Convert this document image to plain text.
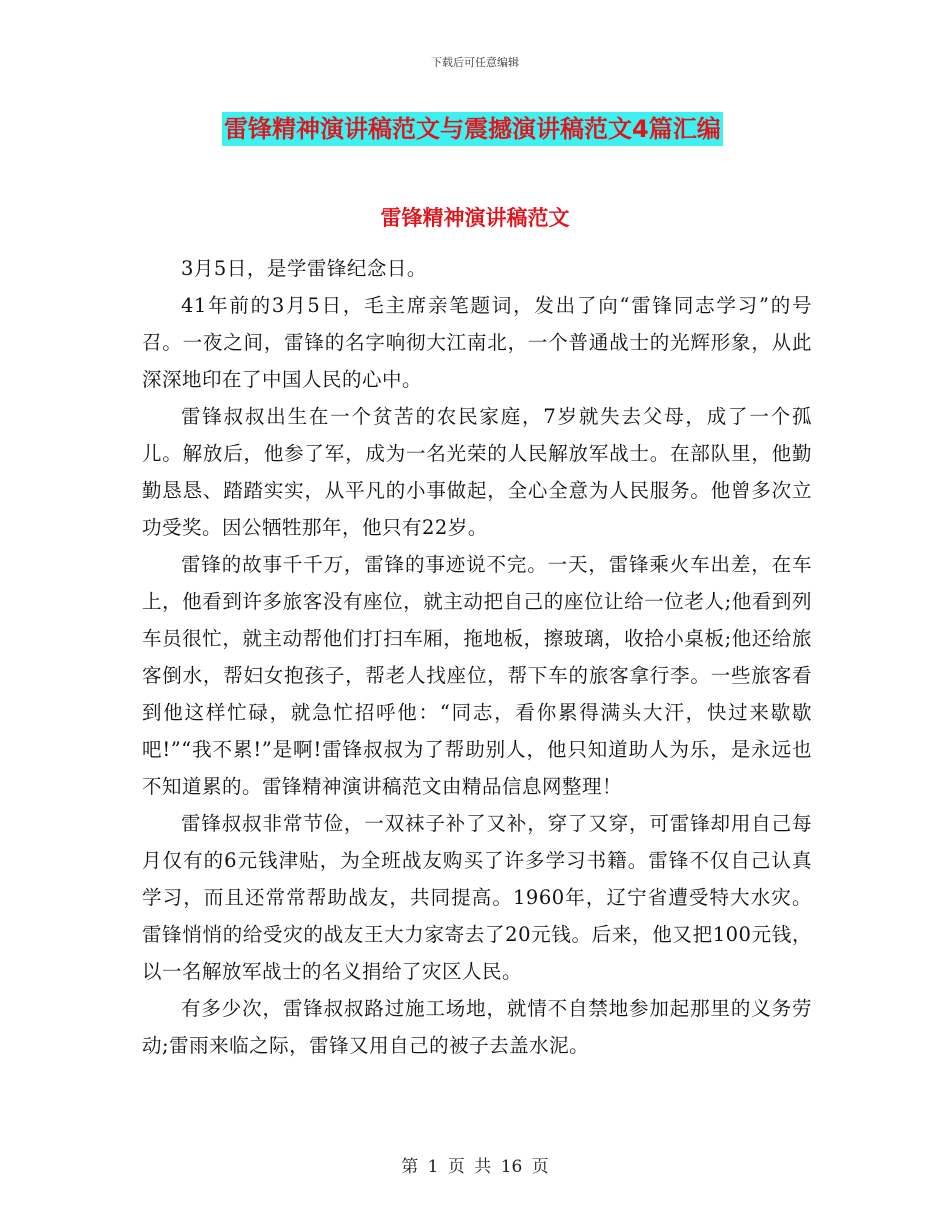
下载后可任意编辑
雷锋精神演讲稿范文与震撼演讲稿范文4篇汇编
雷锋精神演讲稿范文

3月5日，是学雷锋纪念日。

41年前的3月5日，毛主席亲笔题词，发出了向“雷锋同志学习”的号召。一夜之间，雷锋的名字响彻大江南北，一个普通战士的光辉形象，从此深深地印在了中国人民的心中。

雷锋叔叔出生在一个贫苦的农民家庭，7岁就失去父母，成了一个孤儿。解放后，他参了军，成为一名光荣的人民解放军战士。在部队里，他勤勤恳恳、踏踏实实，从平凡的小事做起，全心全意为人民服务。他曾多次立功受奖。因公牺牲那年，他只有22岁。

雷锋的故事千千万，雷锋的事迹说不完。一天，雷锋乘火车出差，在车上，他看到许多旅客没有座位，就主动把自己的座位让给一位老人;他看到列车员很忙，就主动帮他们打扫车厢，拖地板，擦玻璃，收拾小桌板;他还给旅客倒水，帮妇女抱孩子，帮老人找座位，帮下车的旅客拿行李。一些旅客看到他这样忙碌，就急忙招呼他：“同志，看你累得满头大汗，快过来歇歇吧!”“我不累!”是啊!雷锋叔叔为了帮助别人，他只知道助人为乐，是永远也不知道累的。雷锋精神演讲稿范文由精品信息网整理！

雷锋叔叔非常节俭，一双袜子补了又补，穿了又穿，可雷锋却用自己每月仅有的6元钱津贴，为全班战友购买了许多学习书籍。雷锋不仅自己认真学习，而且还常常帮助战友，共同提高。1960年，辽宁省遭受特大水灾。雷锋悄悄的给受灾的战友王大力家寄去了20元钱。后来，他又把100元钱，以一名解放军战士的名义捐给了灾区人民。

有多少次，雷锋叔叔路过施工场地，就情不自禁地参加起那里的义务劳动;雷雨来临之际，雷锋又用自己的被子去盖水泥。

第 1 页 共 16 页
